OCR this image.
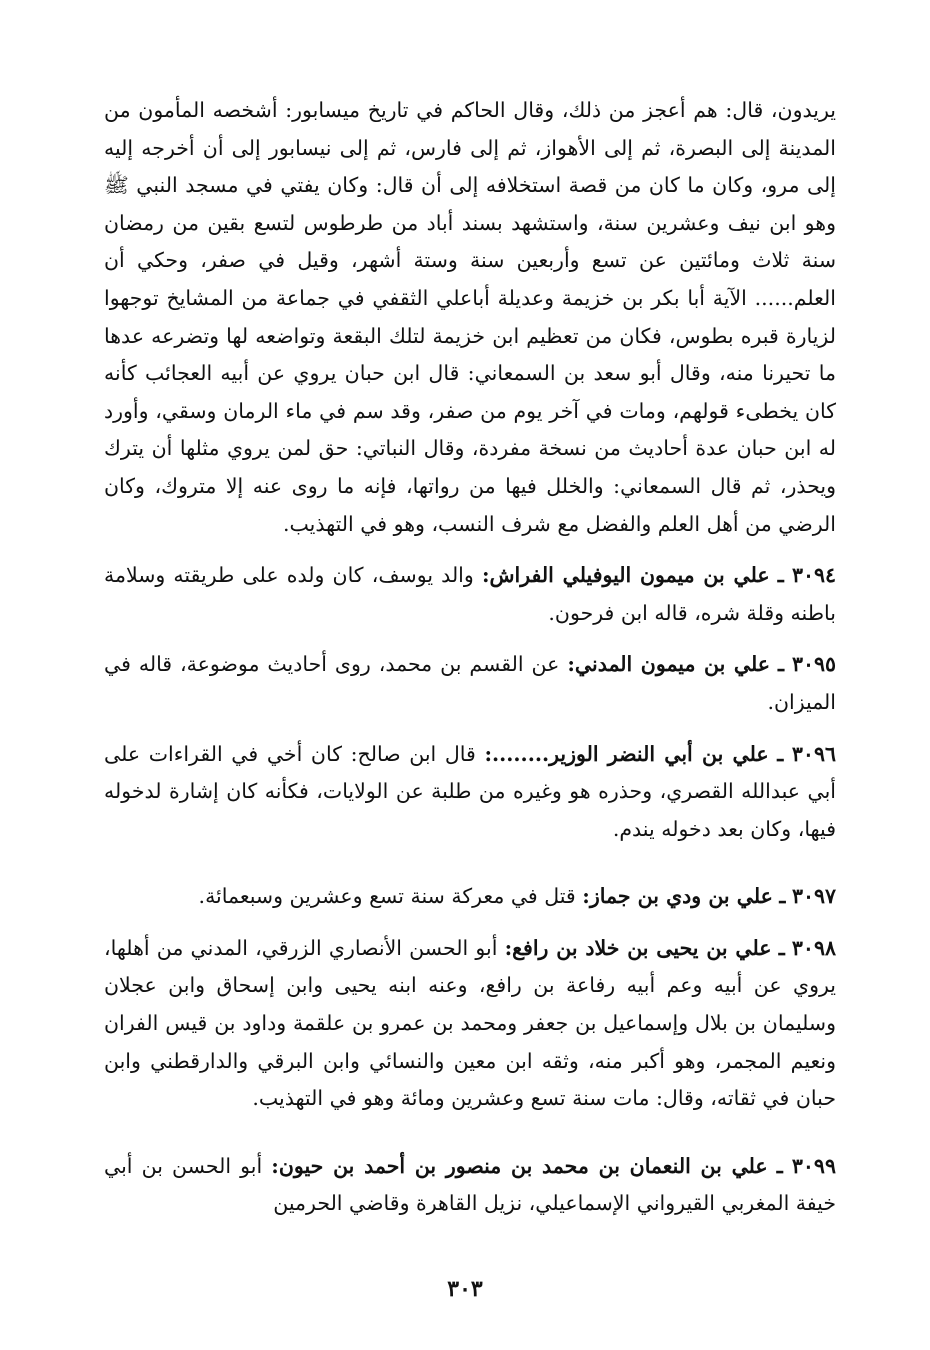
يريدون، قال: هم أعجز من ذلك، وقال الحاكم في تاريخ ميسابور: أشخصه المأمون من المدينة إلى البصرة، ثم إلى الأهواز، ثم إلى فارس، ثم إلى نيسابور إلى أن أخرجه إليه إلى مرو، وكان ما كان من قصة استخلافه إلى أن قال: وكان يفتي في مسجد النبي ﷺ وهو ابن نيف وعشرين سنة، واستشهد بسند أباد من طرطوس لتسع بقين من رمضان سنة ثلاث ومائتين عن تسع وأربعين سنة وستة أشهر، وقيل في صفر، وحكي أن العلم...... الآية أبا بكر بن خزيمة وعديلة أباعلي الثقفي في جماعة من المشايخ توجهوا لزيارة قبره بطوس، فكان من تعظيم ابن خزيمة لتلك البقعة وتواضعه لها وتضرعه عدها ما تحيرنا منه، وقال أبو سعد بن السمعاني: قال ابن حبان يروي عن أبيه العجائب كأنه كان يخطىء قولهم، ومات في آخر يوم من صفر، وقد سم في ماء الرمان وسقي، وأورد له ابن حبان عدة أحاديث من نسخة مفردة، وقال النباتي: حق لمن يروي مثلها أن يترك ويحذر، ثم قال السمعاني: والخلل فيها من رواتها، فإنه ما روى عنه إلا متروك، وكان الرضي من أهل العلم والفضل مع شرف النسب، وهو في التهذيب.

٣٠٩٤ ـ علي بن ميمون اليوفيلي الفراش: والد يوسف، كان ولده على طريقته وسلامة باطنه وقلة شره، قاله ابن فرحون.

٣٠٩٥ ـ علي بن ميمون المدني: عن القسم بن محمد، روى أحاديث موضوعة، قاله في الميزان.

٣٠٩٦ ـ علي بن أبي النضر الوزير........: قال ابن صالح: كان أخي في القراءات على أبي عبدالله القصري، وحذره هو وغيره من طلبة عن الولايات، فكأنه كان إشارة لدخوله فيها، وكان بعد دخوله يندم.

٣٠٩٧ ـ علي بن ودي بن جماز: قتل في معركة سنة تسع وعشرين وسبعمائة.

٣٠٩٨ ـ علي بن يحيى بن خلاد بن رافع: أبو الحسن الأنصاري الزرقي، المدني من أهلها، يروي عن أبيه وعم أبيه رفاعة بن رافع، وعنه ابنه يحيى وابن إسحاق وابن عجلان وسليمان بن بلال وإسماعيل بن جعفر ومحمد بن عمرو بن علقمة وداود بن قيس الفران ونعيم المجمر، وهو أكبر منه، وثقه ابن معين والنسائي وابن البرقي والدارقطني وابن حبان في ثقاته، وقال: مات سنة تسع وعشرين ومائة وهو في التهذيب.

٣٠٩٩ ـ علي بن النعمان بن محمد بن منصور بن أحمد بن حيون: أبو الحسن بن أبي خيفة المغربي القيرواني الإسماعيلي، نزيل القاهرة وقاضي الحرمين

٣٠٣
